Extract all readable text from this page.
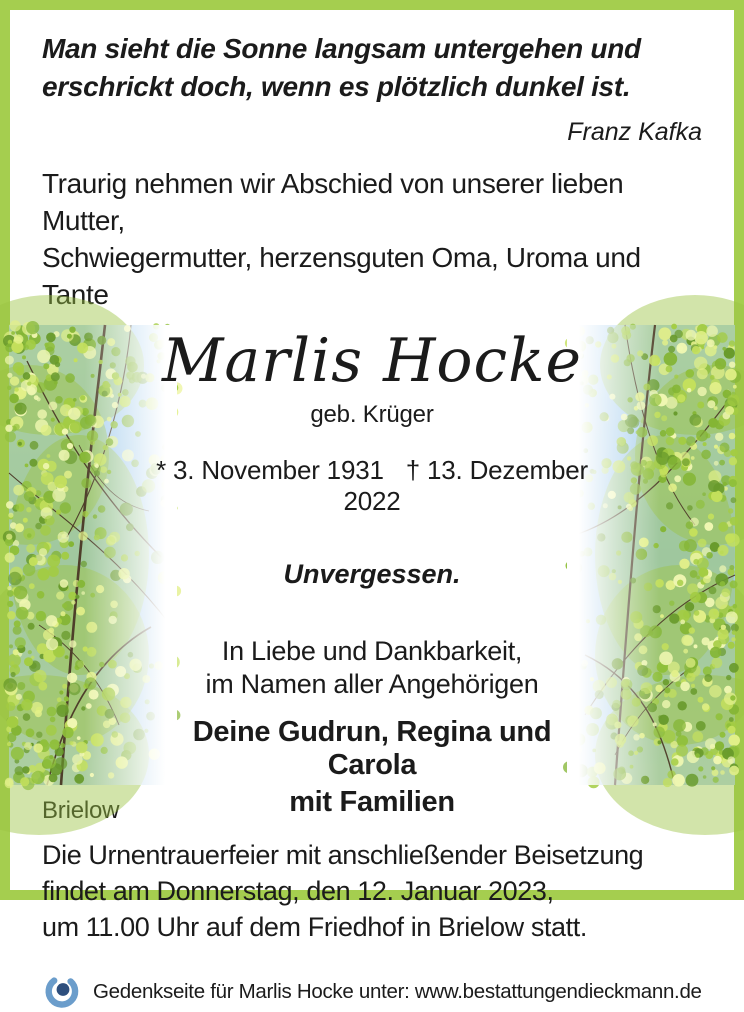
Man sieht die Sonne langsam untergehen und
erschrickt doch, wenn es plötzlich dunkel ist.

Franz Kafka

Traurig nehmen wir Abschied von unserer lieben Mutter,
Schwiegermutter, herzensguten Oma, Uroma und Tante

Marlis Hocke
geb. Krüger
* 3. November 1931 † 13. Dezember 2022
Unvergessen.
In Liebe und Dankbarkeit,
im Namen aller Angehörigen
Deine Gudrun, Regina und Carola
mit Familien
Brielow

Die Urnentrauerfeier mit anschließender Beisetzung
findet am Donnerstag, den 12. Januar 2023,
um 11.00 Uhr auf dem Friedhof in Brielow statt.

Gedenkseite für Marlis Hocke unter: www.bestattungendieckmann.de
